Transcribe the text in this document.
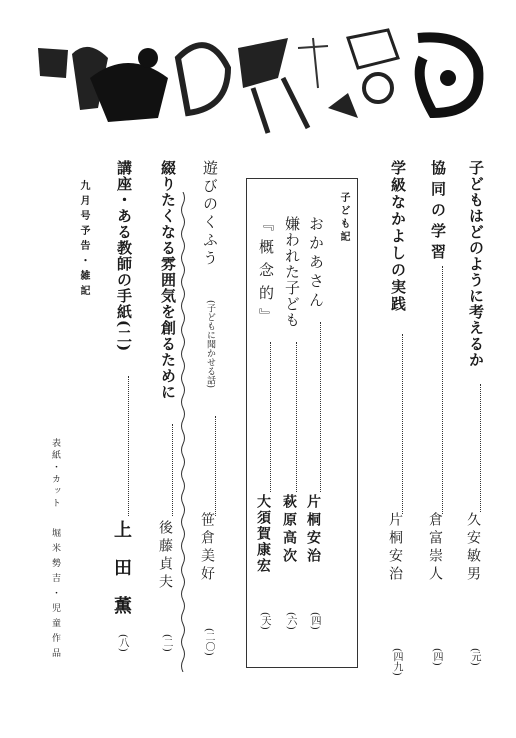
子どもはどのように考えるか
久安敏男
(元)
協同の学習
倉富崇人
(四)
学級なかよしの実践
片桐安治
(四九)
子ども記
おかあさん
片桐安治
(四)
嫌われた子ども
萩原高次
(六)
『概念的』
大須賀康宏
(天)
遊びのくふう
(子どもに聞かせる話)
笹倉美好
(二〇)
綴りたくなる雰囲気を創るために
後藤貞夫
(二)
講座・ある教師の手紙(二)
上田薫
(八)
九月号予告・雑記
表紙・カット
堀米勢吉・児童作品
